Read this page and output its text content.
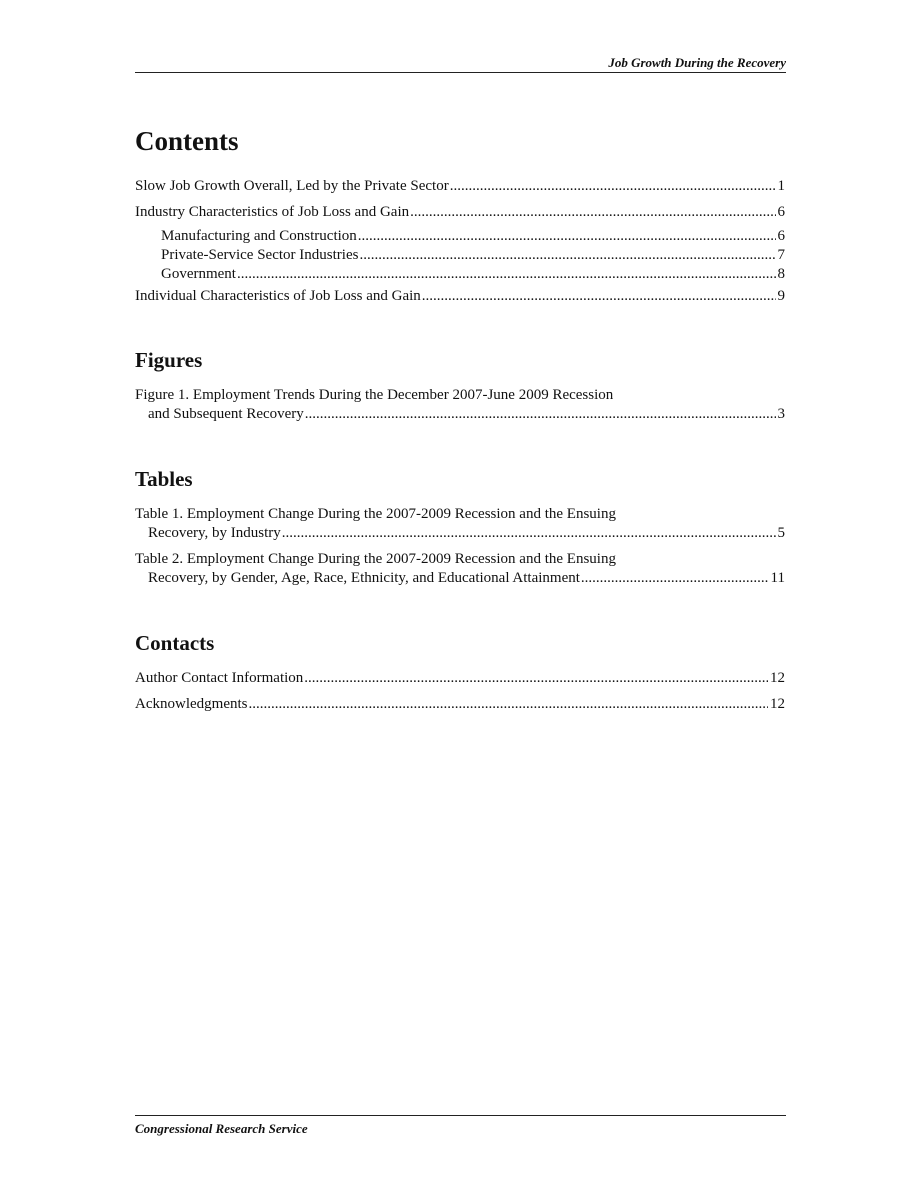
Job Growth During the Recovery
Contents
Slow Job Growth Overall, Led by the Private Sector .....	1
Industry Characteristics of Job Loss and Gain .....	6
Manufacturing and Construction .....	6
Private-Service Sector Industries .....	7
Government .....	8
Individual Characteristics of Job Loss and Gain .....	9
Figures
Figure 1. Employment Trends During the December 2007-June 2009 Recession
and Subsequent Recovery .....	3
Tables
Table 1. Employment Change During the 2007-2009 Recession and the Ensuing
Recovery, by Industry .....	5
Table 2. Employment Change During the 2007-2009 Recession and the Ensuing
Recovery, by Gender, Age, Race, Ethnicity, and Educational Attainment .....	11
Contacts
Author Contact Information .....	12
Acknowledgments .....	12
Congressional Research Service
